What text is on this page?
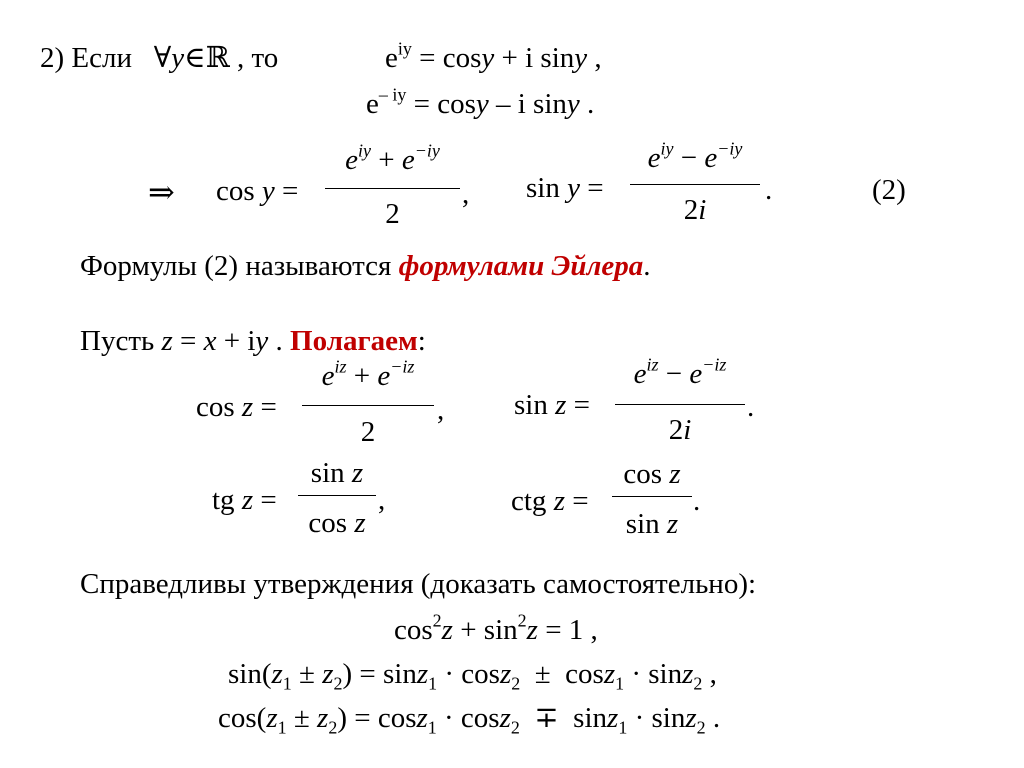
2) Если ∀y∈ℝ , то	$e^{iy} = \cos y + i$ siny ,
$e^{- iy} = \cos y - i$ siny .
⇒ cos y =
$e^{iy} + e^{-iy}$
2
, sin y =
$e^{iy} - e^{-iy}$
2i
.	(2)
Формулы (2) называются формулами Эйлера.
Пусть z = x + iy . Полагаем:
cos z =
$e^{iz} + e^{-iz}$
2
, sin z =
$e^{iz} - e^{-iz}$
2i
.
tg z =
sin z
cos z
,	ctg z =
cos z
sin z
.
Справедливы утверждения (доказать самостоятельно):
$\cos^2z + \sin^2z = 1$ ,
$\sin(z_1 \pm z_2) = \sin z_1 \cdot \cos z_2 \pm \cos z_1 \cdot \sin z_2$ ,
$\cos(z_1 \pm z_2) = \cos z_1 \cdot \cos z_2 \mp \sin z_1 \cdot \sin z_2$ .
